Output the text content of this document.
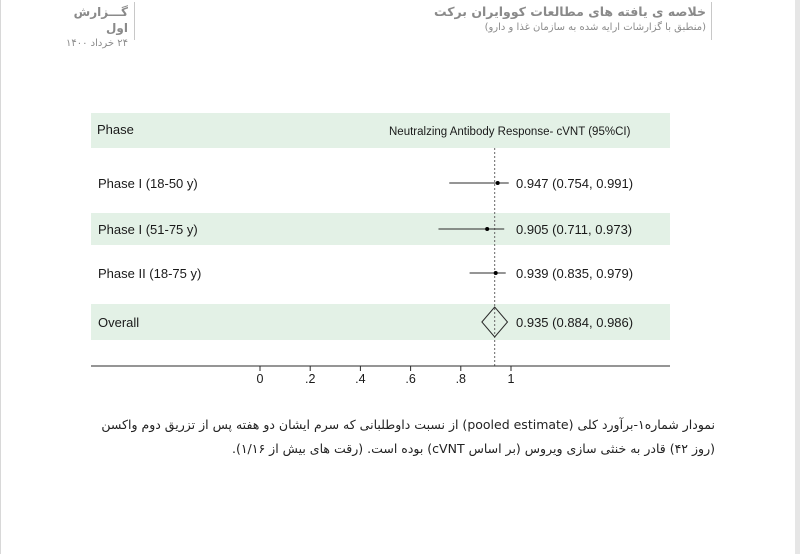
گـــزارش اول
۲۴ خرداد ۱۴۰۰
خلاصه ی یافته های مطالعات کووایران برکت
(منطبق با گزارشات ارایه شده به سازمان غذا و دارو)
Phase	Neutralzing Antibody Response- cVNT (95%CI)
Phase I (18-50 y)	0.947 (0.754, 0.991)
Phase I (51-75 y)	0.905 (0.711, 0.973)
Phase II (18-75 y)	0.939 (0.835, 0.979)
Overall	0.935 (0.884, 0.986)
0	.2	.4	.6	.8	1

نمودار شماره۱-برآورد کلی (pooled estimate) از نسبت داوطلبانی که سرم ایشان دو هفته پس از تزریق دوم واکسن

(روز ۴۲) قادر به خنثی سازی ویروس (بر اساس cVNT) بوده است. (رقت های بیش از ۱/۱۶).
